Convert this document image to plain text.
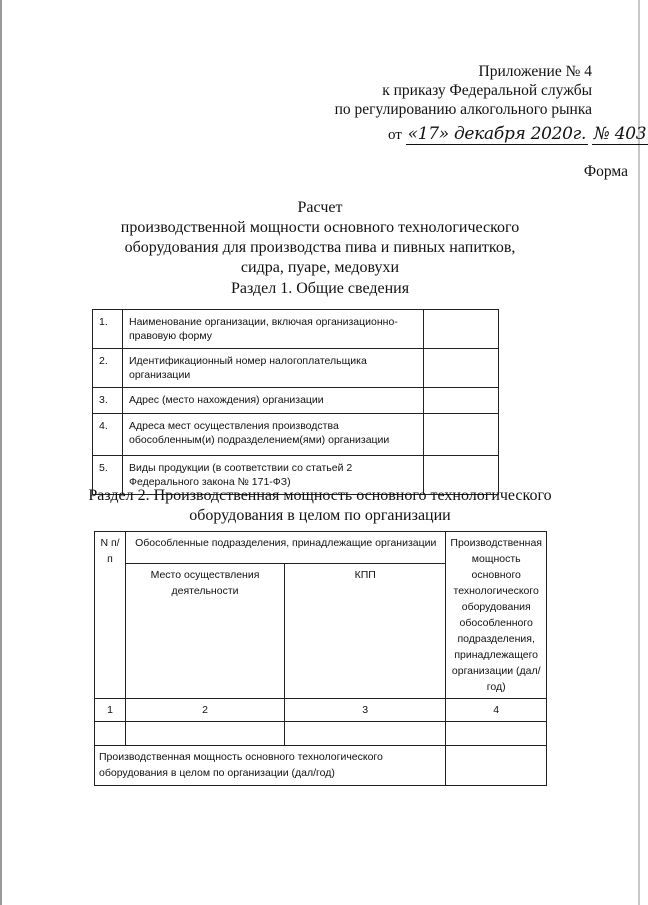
Приложение № 4
к приказу Федеральной службы
по регулированию алкогольного рынка
от «17» декабря 2020г. № 403
Форма
Расчет
производственной мощности основного технологического
оборудования для производства пива и пивных напитков,
сидра, пуаре, медовухи
Раздел 1. Общие сведения
1.	Наименование организации, включая организационно-правовую форму	
2.	Идентификационный номер налогоплательщика организации	
3.	Адрес (место нахождения) организации	
4.	Адреса мест осуществления производства обособленным(и) подразделением(ями) организации	
5.	Виды продукции (в соответствии со статьей 2 Федерального закона № 171-ФЗ)	
Раздел 2. Производственная мощность основного технологического
оборудования в целом по организации
N п/п	Обособленные подразделения, принадлежащие организации		Производственная мощность основного технологического оборудования обособленного подразделения, принадлежащего организации (дал/год)
	Место осуществления деятельности	КПП	
1	2	3	4

Производственная мощность основного технологического оборудования в целом по организации (дал/год)			
